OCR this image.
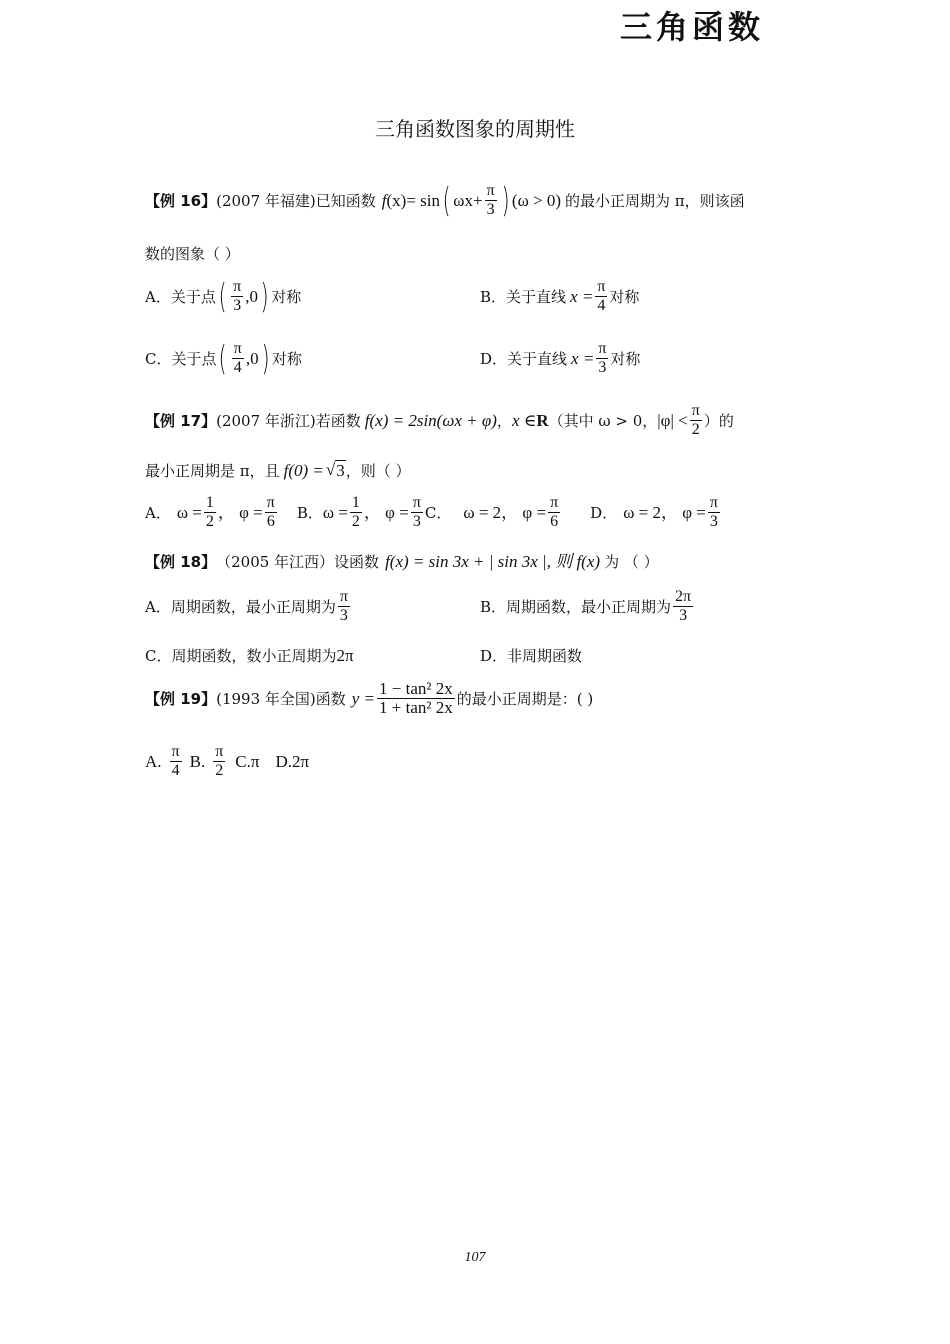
三角函数
三角函数图象的周期性
【例 16】 (2007 年福建)已知函数 f (x) = sin ( $\omega x + \frac{\pi}{3}$ ) (ω > 0) 的最小正周期为 π，则该函
数的图象（ ）
A．关于点 ( $\frac{\pi}{3} ,0$ ) 对称	B．关于直线 $x = \frac{\pi}{4}$ 对称
C．关于点 ( $\frac{\pi}{4} ,0$ ) 对称	D．关于直线 $x = \frac{\pi}{3}$ 对称
【例 17】 (2007 年浙江)若函数 f(x) = 2sin(ωx + φ) ， x ∈ R （其中 ω > 0， $|\varphi| < \frac{\pi}{2}$ ）的
最小正周期是 π，且 f(0) = √ 3 ，则（ ）
A． $\omega = \frac{1}{2}$ ， $\varphi = \frac{\pi}{6}$ B． $\omega = \frac{1}{2}$ ， $\varphi = \frac{\pi}{3}$ C． ω = 2， $\varphi = \frac{\pi}{6}$ D． ω = 2， $\varphi = \frac{\pi}{3}$
【例 18】 （2005 年江西）设函数 f(x) = sin 3x + | sin 3x |, 则 f(x) 为 （ ）
A．周期函数，最小正周期为 $\frac{\pi}{3}$	B．周期函数，最小正周期为 $\frac{2\pi}{3}$
C．周期函数，数小正周期为 2π	D．非周期函数
【例 19】 (1993 年全国)函数 $y = \frac{\text{1 − tan² 2x}}{\text{1 + tan² 2x}}$ 的最小正周期是：( )
A. $\frac{\pi}{4} B$. $\frac{\pi}{2} C.\pi$ D.2π
107
